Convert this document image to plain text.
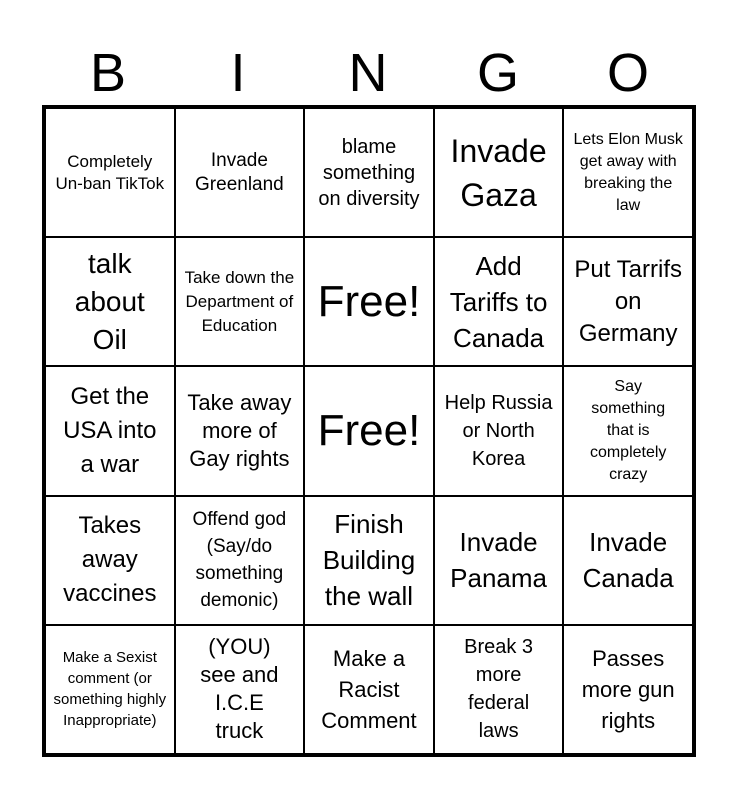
B	I	N	G	O
Completely Un-ban TikTok
Invade Greenland
blame something on diversity
Invade Gaza
Lets Elon Musk get away with breaking the law
talk about Oil
Take down the Department of Education Free!
Add Tariffs to Canada
Put Tarrifs on Germany
Get the USA into a war
Take away more of Gay rights
Free!
Help Russia or North Korea
Say something that is completely crazy
Takes away vaccines
Offend god (Say/do something demonic)
Finish Building the wall
Invade Panama
Invade Canada
Make a Sexist comment (or something highly Inappropriate)
(YOU) see and I.C.E truck
Make a Racist Comment
Break 3 more federal laws
Passes more gun rights
